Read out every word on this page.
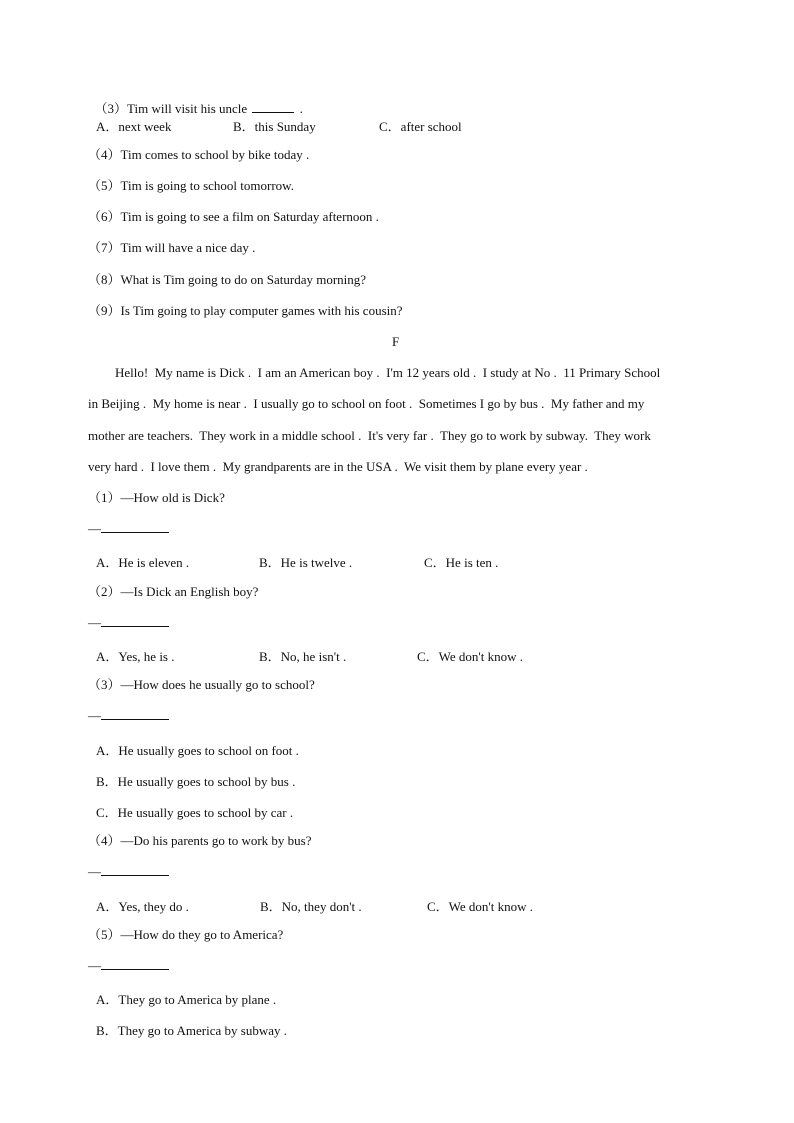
（3）Tim will visit his uncle	.

A．next week	B．this Sunday	C．after school
（4）Tim comes to school by bike today .
（5）Tim is going to school tomorrow.
（6）Tim is going to see a film on Saturday afternoon .
（7）Tim will have a nice day .
（8）What is Tim going to do on Saturday morning?
（9）Is Tim going to play computer games with his cousin?
F
Hello!  My name is Dick .  I am an American boy .  I'm 12 years old .  I study at No .  11 Primary School
in Beijing .  My home is near .  I usually go to school on foot .  Sometimes I go by bus .  My father and my
mother are teachers.  They work in a middle school .  It's very far .  They go to work by subway.  They work
very hard .  I love them .  My grandparents are in the USA .  We visit them by plane every year .
（1）—How old is Dick?
—
A．He is eleven .	B．He is twelve .	C．He is ten .
（2）—Is Dick an English boy?
—
A．Yes, he is .	B．No, he isn't .	C．We don't know .
（3）—How does he usually go to school?
—
A．He usually goes to school on foot .
B．He usually goes to school by bus .
C．He usually goes to school by car .
（4）—Do his parents go to work by bus?
—
A．Yes, they do .	B．No, they don't .	C．We don't know .
（5）—How do they go to America?
—
A．They go to America by plane .
B．They go to America by subway .
